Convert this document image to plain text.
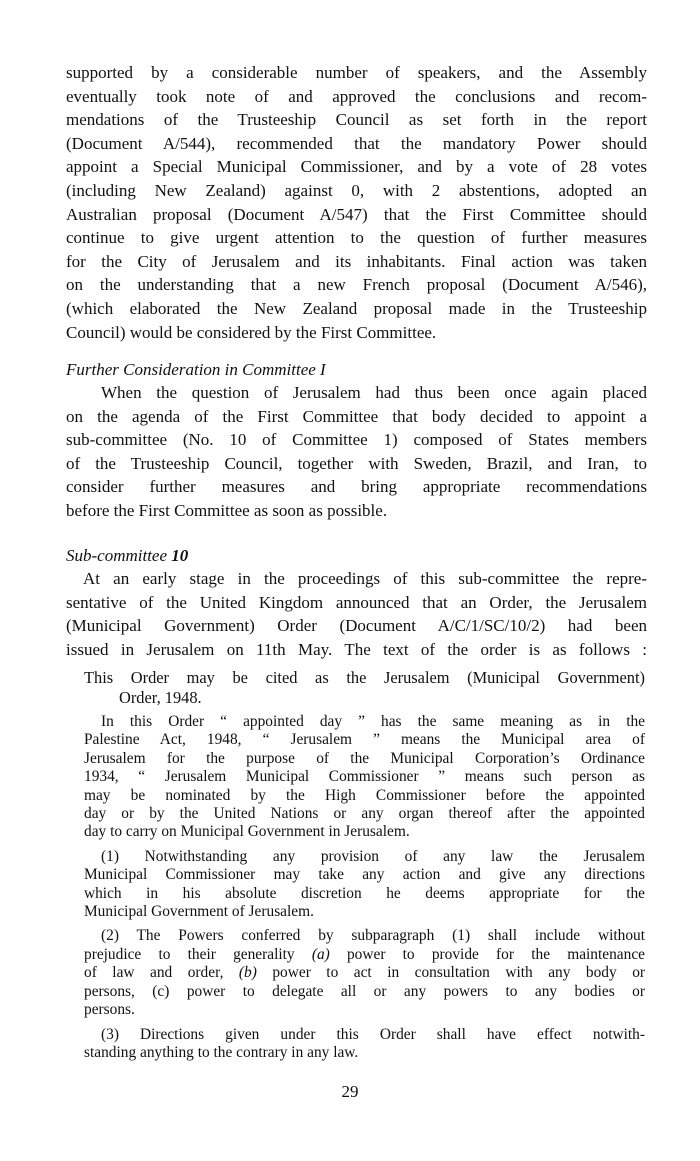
supported by a considerable number of speakers, and the Assembly

eventually took note of and approved the conclusions and recom-

mendations of the Trusteeship Council as set forth in the report

(Document A/544), recommended that the mandatory Power should

appoint a Special Municipal Commissioner, and by a vote of 28 votes

(including New Zealand) against 0, with 2 abstentions, adopted an

Australian proposal (Document A/547) that the First Committee should

continue to give urgent attention to the question of further measures

for the City of Jerusalem and its inhabitants. Final action was taken

on the understanding that a new French proposal (Document A/546),

(which elaborated the New Zealand proposal made in the Trusteeship

Council) would be considered by the First Committee.

Further Consideration in Committee I

When the question of Jerusalem had thus been once again placed

on the agenda of the First Committee that body decided to appoint a

sub-committee (No. 10 of Committee 1) composed of States members

of the Trusteeship Council, together with Sweden, Brazil, and Iran, to

consider further measures and bring appropriate recommendations

before the First Committee as soon as possible.

Sub-committee 10

At an early stage in the proceedings of this sub-committee the repre-

sentative of the United Kingdom announced that an Order, the Jerusalem

(Municipal Government) Order (Document A/C/1/SC/10/2) had been

issued in Jerusalem on 11th May. The text of the order is as follows :

This Order may be cited as the Jerusalem (Municipal Government)

Order, 1948.

In this Order “ appointed day ” has the same meaning as in the

Palestine Act, 1948, “ Jerusalem ” means the Municipal area of

Jerusalem for the purpose of the Municipal Corporation’s Ordinance

1934, “ Jerusalem Municipal Commissioner ” means such person as

may be nominated by the High Commissioner before the appointed

day or by the United Nations or any organ thereof after the appointed

day to carry on Municipal Government in Jerusalem.

(1) Notwithstanding any provision of any law the Jerusalem

Municipal Commissioner may take any action and give any directions

which in his absolute discretion he deems appropriate for the

Municipal Government of Jerusalem.

(2) The Powers conferred by subparagraph (1) shall include without

prejudice to their generality (a) power to provide for the maintenance

of law and order, (b) power to act in consultation with any body or

persons, (c) power to delegate all or any powers to any bodies or

persons.

(3) Directions given under this Order shall have effect notwith-

standing anything to the contrary in any law.

29
